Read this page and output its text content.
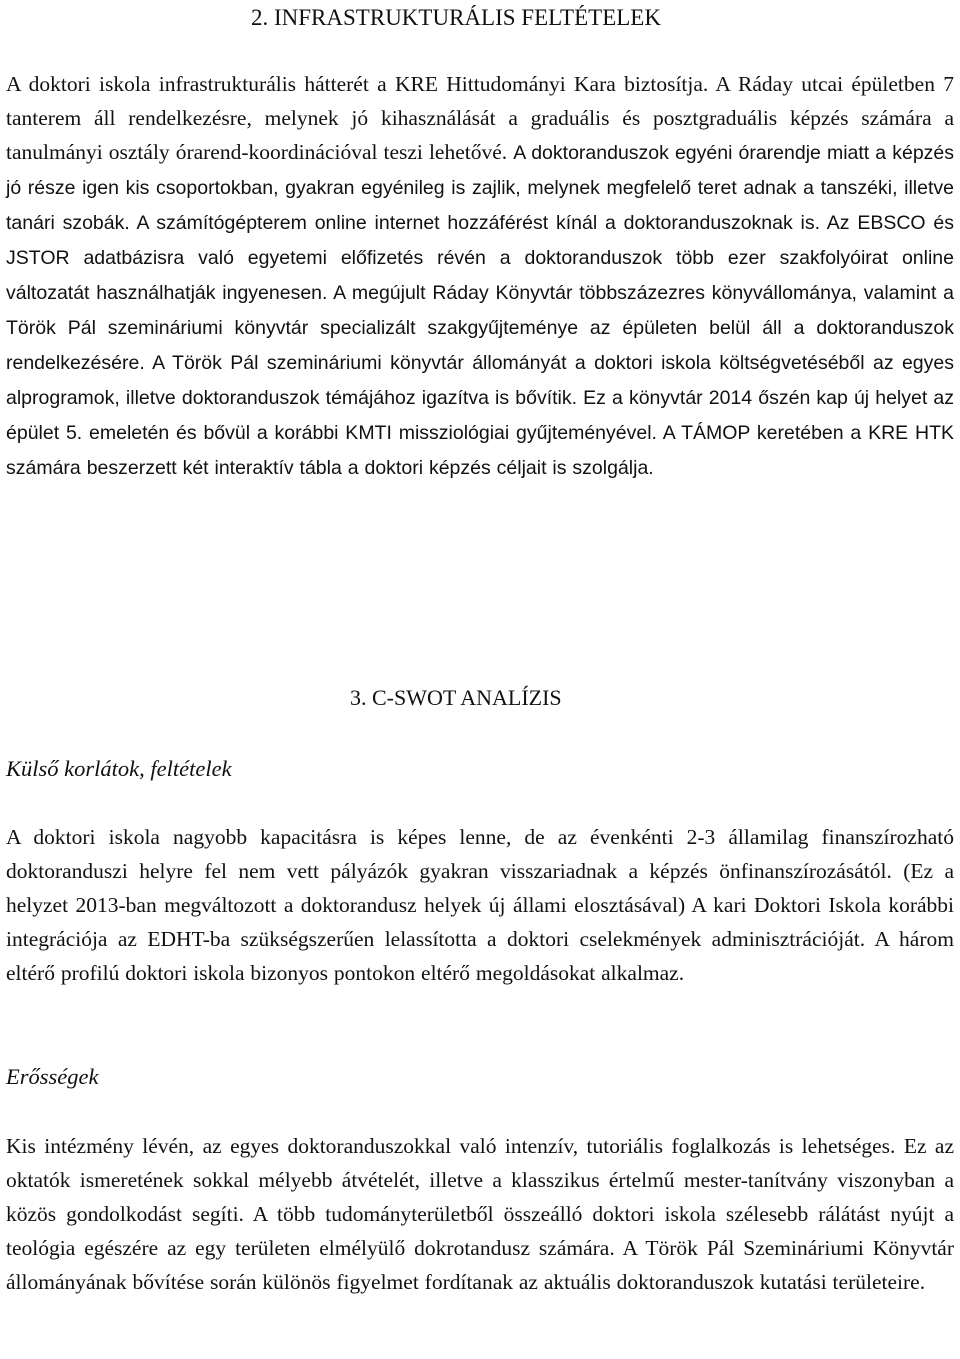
2. INFRASTRUKTURÁLIS FELTÉTELEK

A doktori iskola infrastrukturális hátterét a KRE Hittudományi Kara biztosítja. A Ráday utcai épületben 7 tanterem áll rendelkezésre, melynek jó kihasználását a graduális és posztgraduális képzés számára a tanulmányi osztály órarend-koordinációval teszi lehetővé. A doktoranduszok egyéni órarendje miatt a képzés jó része igen kis csoportokban, gyakran egyénileg is zajlik, melynek megfelelő teret adnak a tanszéki, illetve tanári szobák. A számítógépterem online internet hozzáférést kínál a doktoranduszoknak is. Az EBSCO és JSTOR adatbázisra való egyetemi előfizetés révén a doktoranduszok több ezer szakfolyóirat online változatát használhatják ingyenesen. A megújult Ráday Könyvtár többszázezres könyvállománya, valamint a Török Pál szemináriumi könyvtár specializált szakgyűjteménye az épületen belül áll a doktoranduszok rendelkezésére. A Török Pál szemináriumi könyvtár állományát a doktori iskola költségvetéséből az egyes alprogramok, illetve doktoranduszok témájához igazítva is bővítik. Ez a könyvtár 2014 őszén kap új helyet az épület 5. emeletén és bővül a korábbi KMTI missziológiai gyűjteményével. A TÁMOP keretében a KRE HTK számára beszerzett két interaktív tábla a doktori képzés céljait is szolgálja.

3. C-SWOT ANALÍZIS
Külső korlátok, feltételek

A doktori iskola nagyobb kapacitásra is képes lenne, de az évenkénti 2-3 államilag finanszírozható doktoranduszi helyre fel nem vett pályázók gyakran visszariadnak a képzés önfinanszírozásától. (Ez a helyzet 2013-ban megváltozott a doktorandusz helyek új állami elosztásával) A kari Doktori Iskola korábbi integrációja az EDHT-ba szükségszerűen lelassította a doktori cselekmények adminisztrációját. A három eltérő profilú doktori iskola bizonyos pontokon eltérő megoldásokat alkalmaz.

Erősségek

Kis intézmény lévén, az egyes doktoranduszokkal való intenzív, tutoriális foglalkozás is lehetséges. Ez az oktatók ismeretének sokkal mélyebb átvételét, illetve a klasszikus értelmű mester-tanítvány viszonyban a közös gondolkodást segíti. A több tudományterületből összeálló doktori iskola szélesebb rálátást nyújt a teológia egészére az egy területen elmélyülő dokrotandusz számára. A Török Pál Szemináriumi Könyvtár állományának bővítése során különös figyelmet fordítanak az aktuális doktoranduszok kutatási területeire.
